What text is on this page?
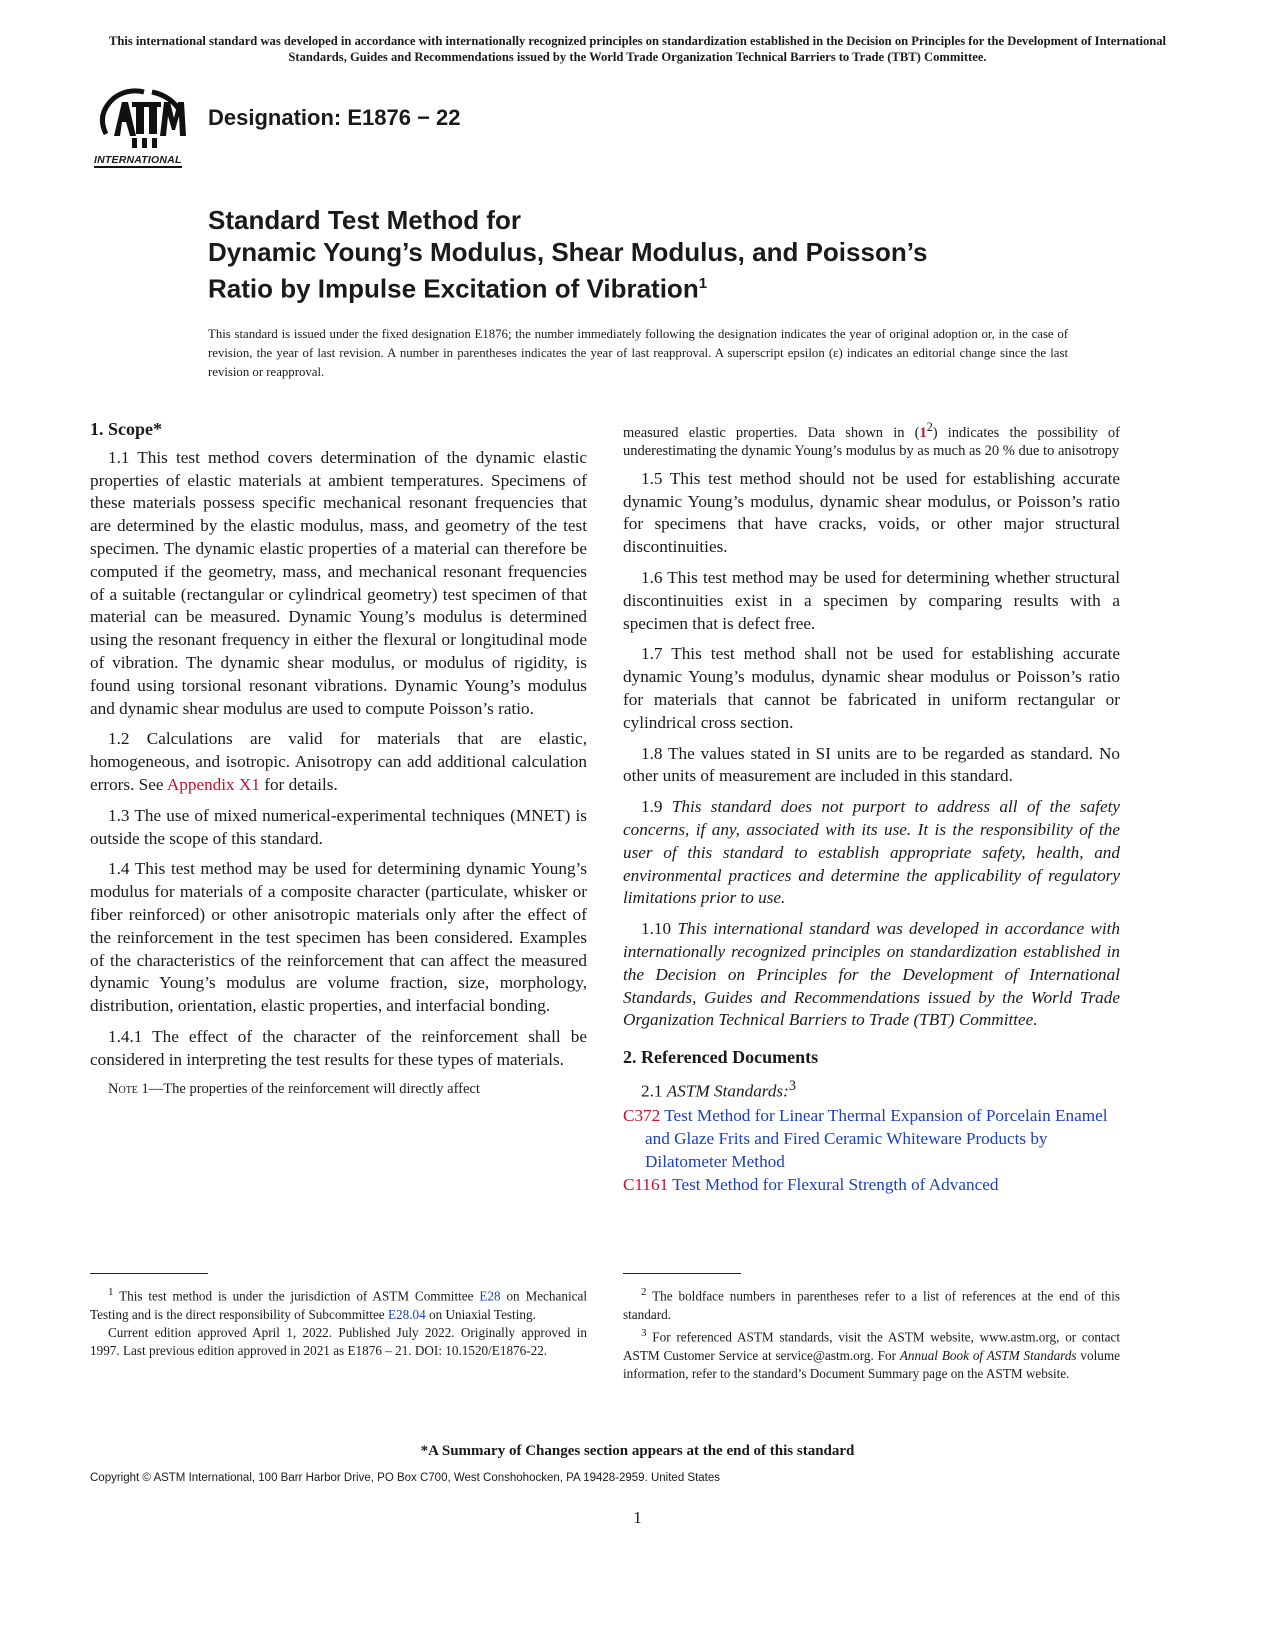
This international standard was developed in accordance with internationally recognized principles on standardization established in the Decision on Principles for the Development of International Standards, Guides and Recommendations issued by the World Trade Organization Technical Barriers to Trade (TBT) Committee.
INTERNATIONAL
Designation: E1876 − 22
Standard Test Method for
Dynamic Young’s Modulus, Shear Modulus, and Poisson’s
Ratio by Impulse Excitation of Vibration$^1$
This standard is issued under the fixed designation E1876; the number immediately following the designation indicates the year of original adoption or, in the case of revision, the year of last revision. A number in parentheses indicates the year of last reapproval. A superscript epsilon (ε) indicates an editorial change since the last revision or reapproval.
1. Scope*

1.1 This test method covers determination of the dynamic elastic properties of elastic materials at ambient temperatures. Specimens of these materials possess specific mechanical resonant frequencies that are determined by the elastic modulus, mass, and geometry of the test specimen. The dynamic elastic properties of a material can therefore be computed if the geometry, mass, and mechanical resonant frequencies of a suitable (rectangular or cylindrical geometry) test specimen of that material can be measured. Dynamic Young’s modulus is determined using the resonant frequency in either the flexural or longitudinal mode of vibration. The dynamic shear modulus, or modulus of rigidity, is found using torsional resonant vibrations. Dynamic Young’s modulus and dynamic shear modulus are used to compute Poisson’s ratio.

1.2 Calculations are valid for materials that are elastic, homogeneous, and isotropic. Anisotropy can add additional calculation errors. See Appendix X1 for details.

1.3 The use of mixed numerical-experimental techniques (MNET) is outside the scope of this standard.

1.4 This test method may be used for determining dynamic Young’s modulus for materials of a composite character (particulate, whisker or fiber reinforced) or other anisotropic materials only after the effect of the reinforcement in the test specimen has been considered. Examples of the characteristics of the reinforcement that can affect the measured dynamic Young’s modulus are volume fraction, size, morphology, distribution, orientation, elastic properties, and interfacial bonding.

1.4.1 The effect of the character of the reinforcement shall be considered in interpreting the test results for these types of materials.

Note 1—The properties of the reinforcement will directly affect

measured elastic properties. Data shown in $(1^2)$ indicates the possibility of underestimating the dynamic Young’s modulus by as much as 20 % due to anisotropy

1.5 This test method should not be used for establishing accurate dynamic Young’s modulus, dynamic shear modulus, or Poisson’s ratio for specimens that have cracks, voids, or other major structural discontinuities.

1.6 This test method may be used for determining whether structural discontinuities exist in a specimen by comparing results with a specimen that is defect free.

1.7 This test method shall not be used for establishing accurate dynamic Young’s modulus, dynamic shear modulus or Poisson’s ratio for materials that cannot be fabricated in uniform rectangular or cylindrical cross section.

1.8 The values stated in SI units are to be regarded as standard. No other units of measurement are included in this standard.

1.9 This standard does not purport to address all of the safety concerns, if any, associated with its use. It is the responsibility of the user of this standard to establish appropriate safety, health, and environmental practices and determine the applicability of regulatory limitations prior to use.

1.10 This international standard was developed in accordance with internationally recognized principles on standardization established in the Decision on Principles for the Development of International Standards, Guides and Recommendations issued by the World Trade Organization Technical Barriers to Trade (TBT) Committee.

2. Referenced Documents

2.1 ASTM Standards:$^3$

C372 Test Method for Linear Thermal Expansion of Porcelain Enamel and Glaze Frits and Fired Ceramic Whiteware Products by Dilatometer Method

C1161 Test Method for Flexural Strength of Advanced

$^1$ This test method is under the jurisdiction of ASTM Committee E28 on Mechanical Testing and is the direct responsibility of Subcommittee E28.04 on Uniaxial Testing.

Current edition approved April 1, 2022. Published July 2022. Originally approved in 1997. Last previous edition approved in 2021 as E1876 – 21. DOI: 10.1520/E1876-22.

$^2$ The boldface numbers in parentheses refer to a list of references at the end of this standard.

$^3$ For referenced ASTM standards, visit the ASTM website, www.astm.org, or contact ASTM Customer Service at service@astm.org. For Annual Book of ASTM Standards volume information, refer to the standard’s Document Summary page on the ASTM website.

*A Summary of Changes section appears at the end of this standard
Copyright © ASTM International, 100 Barr Harbor Drive, PO Box C700, West Conshohocken, PA 19428-2959. United States
1
